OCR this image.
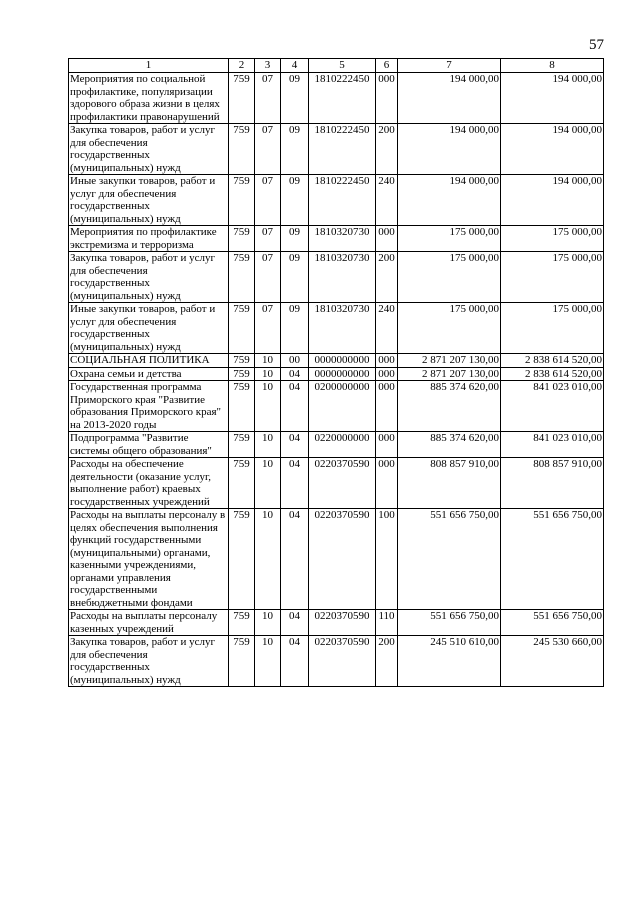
57
1	2	3	4	5	6	7	8
Мероприятия по социальной профилактике, популяризации здорового образа жизни в целях профилактики правонарушений	759	07	09	1810222450	000	194 000,00	194 000,00
Закупка товаров, работ и услуг для обеспечения государственных (муниципальных) нужд	759	07	09	1810222450	200	194 000,00	194 000,00
Иные закупки товаров, работ и услуг для обеспечения государственных (муниципальных) нужд	759	07	09	1810222450	240	194 000,00	194 000,00
Мероприятия по профилактике экстремизма и терроризма	759	07	09	1810320730	000	175 000,00	175 000,00
Закупка товаров, работ и услуг для обеспечения государственных (муниципальных) нужд	759	07	09	1810320730	200	175 000,00	175 000,00
Иные закупки товаров, работ и услуг для обеспечения государственных (муниципальных) нужд	759	07	09	1810320730	240	175 000,00	175 000,00
СОЦИАЛЬНАЯ ПОЛИТИКА	759	10	00	0000000000	000	2 871 207 130,00	2 838 614 520,00
Охрана семьи и детства	759	10	04	0000000000	000	2 871 207 130,00	2 838 614 520,00
Государственная программа Приморского края "Развитие образования Приморского края" на 2013-2020 годы	759	10	04	0200000000	000	885 374 620,00	841 023 010,00
Подпрограмма "Развитие системы общего образования"	759	10	04	0220000000	000	885 374 620,00	841 023 010,00
Расходы на обеспечение деятельности (оказание услуг, выполнение работ) краевых государственных учреждений	759	10	04	0220370590	000	808 857 910,00	808 857 910,00
Расходы на выплаты персоналу в целях обеспечения выполнения функций государственными (муниципальными) органами, казенными учреждениями, органами управления государственными внебюджетными фондами	759	10	04	0220370590	100	551 656 750,00	551 656 750,00
Расходы на выплаты персоналу казенных учреждений	759	10	04	0220370590	110	551 656 750,00	551 656 750,00
Закупка товаров, работ и услуг для обеспечения государственных (муниципальных) нужд	759	10	04	0220370590	200	245 510 610,00	245 530 660,00
